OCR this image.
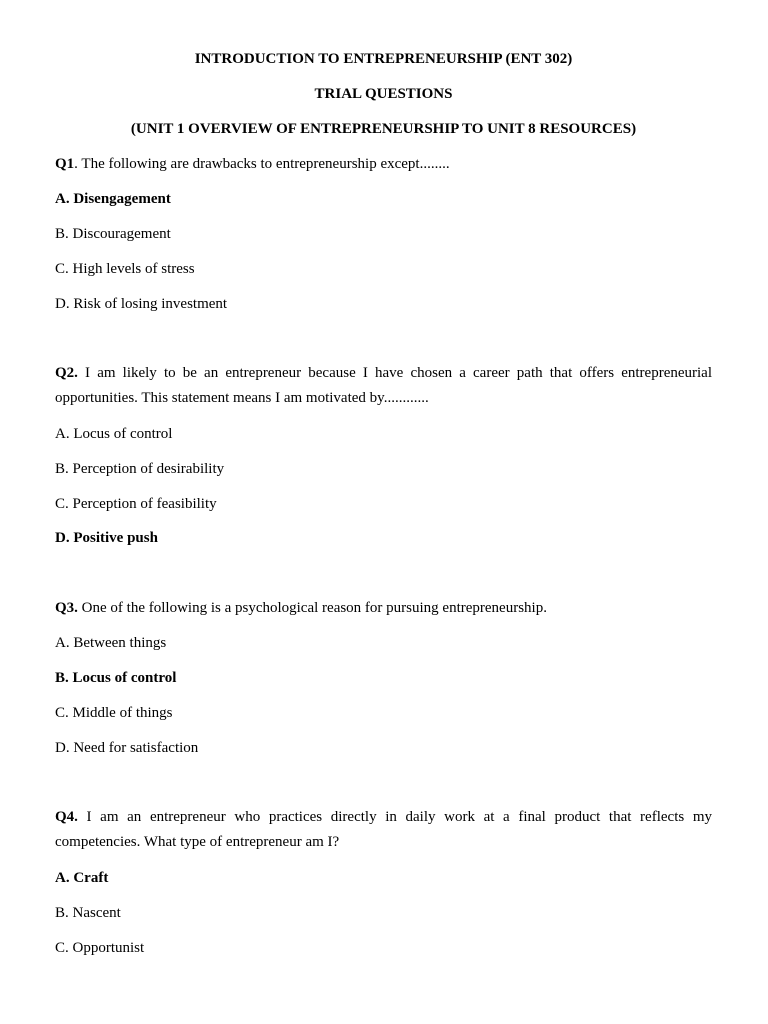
INTRODUCTION TO ENTREPRENEURSHIP (ENT 302)
TRIAL QUESTIONS
(UNIT 1 OVERVIEW OF ENTREPRENEURSHIP TO UNIT 8 RESOURCES)
Q1. The following are drawbacks to entrepreneurship except........
A. Disengagement
B. Discouragement
C. High levels of stress
D. Risk of losing investment
Q2. I am likely to be an entrepreneur because I have chosen a career path that offers entrepreneurial opportunities. This statement means I am motivated by............
A. Locus of control
B. Perception of desirability
C. Perception of feasibility
D. Positive push
Q3. One of the following is a psychological reason for pursuing entrepreneurship.
A. Between things
B. Locus of control
C. Middle of things
D. Need for satisfaction
Q4. I am an entrepreneur who practices directly in daily work at a final product that reflects my competencies. What type of entrepreneur am I?
A. Craft
B. Nascent
C. Opportunist
